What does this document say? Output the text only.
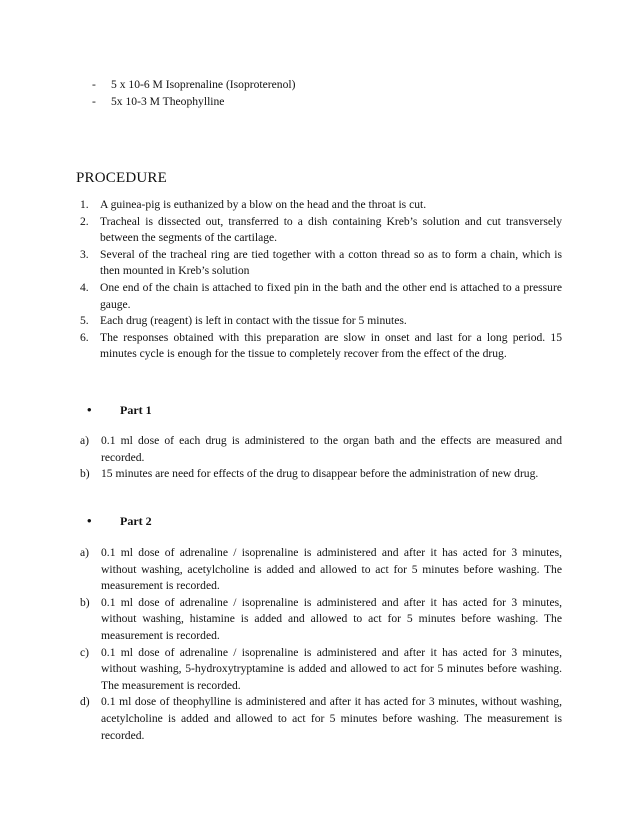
-	5 x 10-6 M Isoprenaline (Isoproterenol)
-	5x 10-3 M Theophylline
PROCEDURE
1. A guinea-pig is euthanized by a blow on the head and the throat is cut.
2. Tracheal is dissected out, transferred to a dish containing Kreb’s solution and cut transversely between the segments of the cartilage.
3. Several of the tracheal ring are tied together with a cotton thread so as to form a chain, which is then mounted in Kreb’s solution
4. One end of the chain is attached to fixed pin in the bath and the other end is attached to a pressure gauge.
5. Each drug (reagent) is left in contact with the tissue for 5 minutes.
6. The responses obtained with this preparation are slow in onset and last for a long period. 15 minutes cycle is enough for the tissue to completely recover from the effect of the drug.
•	Part 1
a)	0.1 ml dose of each drug is administered to the organ bath and the effects are measured and recorded.
b) 15 minutes are need for effects of the drug to disappear before the administration of new drug.
•	Part 2
a)	0.1 ml dose of adrenaline / isoprenaline is administered and after it has acted for 3 minutes, without washing, acetylcholine is added and allowed to act for 5 minutes before washing. The measurement is recorded.
b) 0.1 ml dose of adrenaline / isoprenaline is administered and after it has acted for 3 minutes, without washing, histamine is added and allowed to act for 5 minutes before washing. The measurement is recorded.
c)	0.1 ml dose of adrenaline / isoprenaline is administered and after it has acted for 3 minutes, without washing, 5-hydroxytryptamine is added and allowed to act for 5 minutes before washing. The measurement is recorded.
d) 0.1 ml dose of theophylline is administered and after it has acted for 3 minutes, without washing, acetylcholine is added and allowed to act for 5 minutes before washing. The measurement is recorded.
